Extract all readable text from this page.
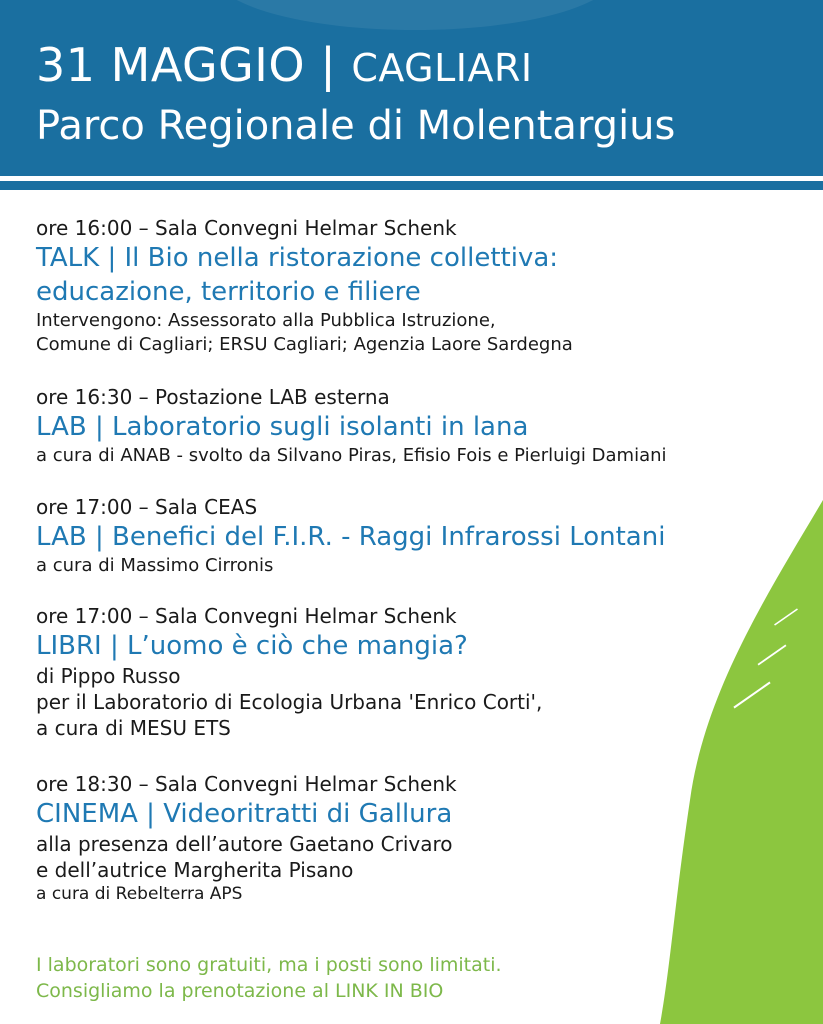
31 MAGGIO | CAGLIARI
Parco Regionale di Molentargius
ore 16:00 – Sala Convegni Helmar Schenk
TALK | Il Bio nella ristorazione collettiva:
educazione, territorio e filiere
Intervengono: Assessorato alla Pubblica Istruzione,
Comune di Cagliari; ERSU Cagliari; Agenzia Laore Sardegna
ore 16:30 – Postazione LAB esterna
LAB | Laboratorio sugli isolanti in lana
a cura di ANAB - svolto da Silvano Piras, Efisio Fois e Pierluigi Damiani
ore 17:00 – Sala CEAS
LAB | Benefici del F.I.R. - Raggi Infrarossi Lontani
a cura di Massimo Cirronis
ore 17:00 – Sala Convegni Helmar Schenk
LIBRI | L’uomo è ciò che mangia?
di Pippo Russo
per il Laboratorio di Ecologia Urbana 'Enrico Corti',
a cura di MESU ETS
ore 18:30 – Sala Convegni Helmar Schenk
CINEMA | Videoritratti di Gallura
alla presenza dell’autore Gaetano Crivaro
e dell’autrice Margherita Pisano
a cura di Rebelterra APS
I laboratori sono gratuiti, ma i posti sono limitati.
Consigliamo la prenotazione al LINK IN BIO
